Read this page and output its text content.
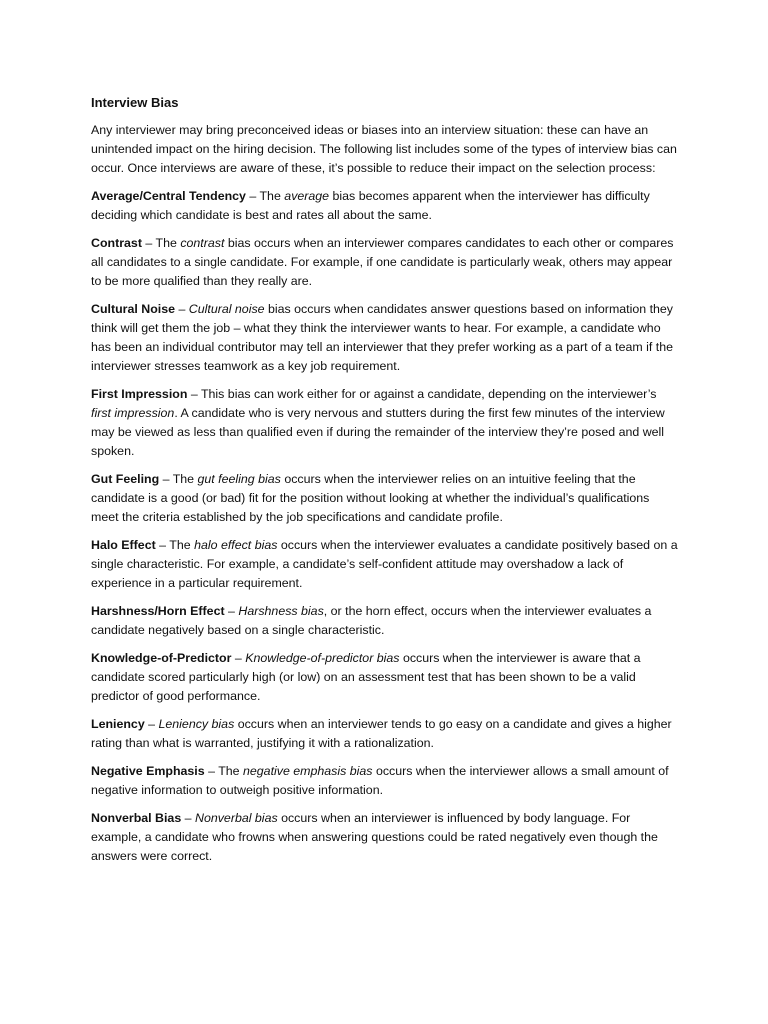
Interview Bias

Any interviewer may bring preconceived ideas or biases into an interview situation: these can have an unintended impact on the hiring decision. The following list includes some of the types of interview bias can occur. Once interviews are aware of these, it’s possible to reduce their impact on the selection process:

Average/Central Tendency – The average bias becomes apparent when the interviewer has difficulty deciding which candidate is best and rates all about the same.

Contrast – The contrast bias occurs when an interviewer compares candidates to each other or compares all candidates to a single candidate. For example, if one candidate is particularly weak, others may appear to be more qualified than they really are.

Cultural Noise – Cultural noise bias occurs when candidates answer questions based on information they think will get them the job – what they think the interviewer wants to hear. For example, a candidate who has been an individual contributor may tell an interviewer that they prefer working as a part of a team if the interviewer stresses teamwork as a key job requirement.

First Impression – This bias can work either for or against a candidate, depending on the interviewer’s first impression. A candidate who is very nervous and stutters during the first few minutes of the interview may be viewed as less than qualified even if during the remainder of the interview they’re posed and well spoken.

Gut Feeling – The gut feeling bias occurs when the interviewer relies on an intuitive feeling that the candidate is a good (or bad) fit for the position without looking at whether the individual’s qualifications meet the criteria established by the job specifications and candidate profile.

Halo Effect – The halo effect bias occurs when the interviewer evaluates a candidate positively based on a single characteristic. For example, a candidate’s self-confident attitude may overshadow a lack of experience in a particular requirement.

Harshness/Horn Effect – Harshness bias, or the horn effect, occurs when the interviewer evaluates a candidate negatively based on a single characteristic.

Knowledge-of-Predictor – Knowledge-of-predictor bias occurs when the interviewer is aware that a candidate scored particularly high (or low) on an assessment test that has been shown to be a valid predictor of good performance.

Leniency – Leniency bias occurs when an interviewer tends to go easy on a candidate and gives a higher rating than what is warranted, justifying it with a rationalization.

Negative Emphasis – The negative emphasis bias occurs when the interviewer allows a small amount of negative information to outweigh positive information.

Nonverbal Bias – Nonverbal bias occurs when an interviewer is influenced by body language. For example, a candidate who frowns when answering questions could be rated negatively even though the answers were correct.
